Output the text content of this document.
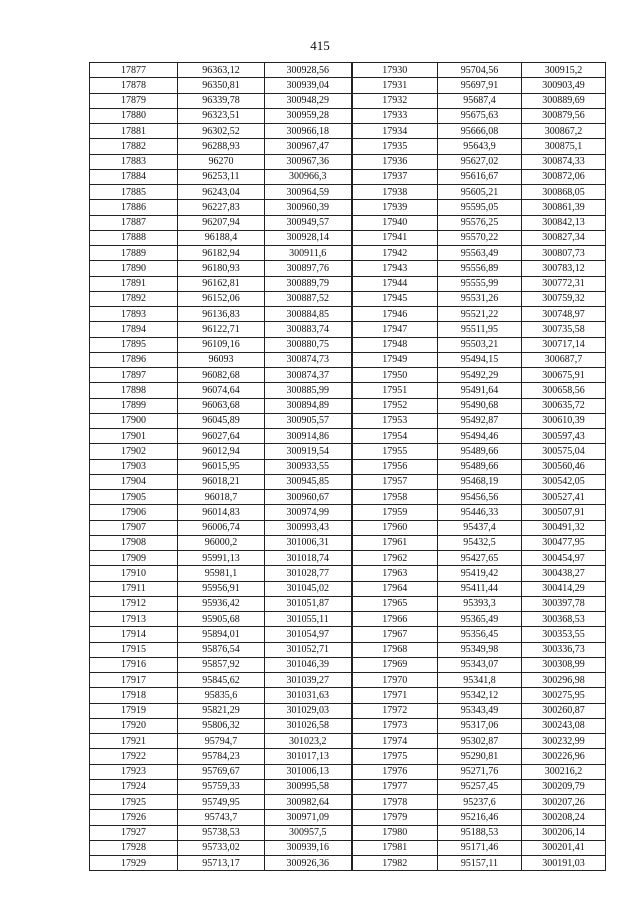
415
17877	96363,12	300928,56	17930	95704,56	300915,2
17878	96350,81	300939,04	17931	95697,91	300903,49
17879	96339,78	300948,29	17932	95687,4	300889,69
17880	96323,51	300959,28	17933	95675,63	300879,56
17881	96302,52	300966,18	17934	95666,08	300867,2
17882	96288,93	300967,47	17935	95643,9	300875,1
17883	96270	300967,36	17936	95627,02	300874,33
17884	96253,11	300966,3	17937	95616,67	300872,06
17885	96243,04	300964,59	17938	95605,21	300868,05
17886	96227,83	300960,39	17939	95595,05	300861,39
17887	96207,94	300949,57	17940	95576,25	300842,13
17888	96188,4	300928,14	17941	95570,22	300827,34
17889	96182,94	300911,6	17942	95563,49	300807,73
17890	96180,93	300897,76	17943	95556,89	300783,12
17891	96162,81	300889,79	17944	95555,99	300772,31
17892	96152,06	300887,52	17945	95531,26	300759,32
17893	96136,83	300884,85	17946	95521,22	300748,97
17894	96122,71	300883,74	17947	95511,95	300735,58
17895	96109,16	300880,75	17948	95503,21	300717,14
17896	96093	300874,73	17949	95494,15	300687,7
17897	96082,68	300874,37	17950	95492,29	300675,91
17898	96074,64	300885,99	17951	95491,64	300658,56
17899	96063,68	300894,89	17952	95490,68	300635,72
17900	96045,89	300905,57	17953	95492,87	300610,39
17901	96027,64	300914,86	17954	95494,46	300597,43
17902	96012,94	300919,54	17955	95489,66	300575,04
17903	96015,95	300933,55	17956	95489,66	300560,46
17904	96018,21	300945,85	17957	95468,19	300542,05
17905	96018,7	300960,67	17958	95456,56	300527,41
17906	96014,83	300974,99	17959	95446,33	300507,91
17907	96006,74	300993,43	17960	95437,4	300491,32
17908	96000,2	301006,31	17961	95432,5	300477,95
17909	95991,13	301018,74	17962	95427,65	300454,97
17910	95981,1	301028,77	17963	95419,42	300438,27
17911	95956,91	301045,02	17964	95411,44	300414,29
17912	95936,42	301051,87	17965	95393,3	300397,78
17913	95905,68	301055,11	17966	95365,49	300368,53
17914	95894,01	301054,97	17967	95356,45	300353,55
17915	95876,54	301052,71	17968	95349,98	300336,73
17916	95857,92	301046,39	17969	95343,07	300308,99
17917	95845,62	301039,27	17970	95341,8	300296,98
17918	95835,6	301031,63	17971	95342,12	300275,95
17919	95821,29	301029,03	17972	95343,49	300260,87
17920	95806,32	301026,58	17973	95317,06	300243,08
17921	95794,7	301023,2	17974	95302,87	300232,99
17922	95784,23	301017,13	17975	95290,81	300226,96
17923	95769,67	301006,13	17976	95271,76	300216,2
17924	95759,33	300995,58	17977	95257,45	300209,79
17925	95749,95	300982,64	17978	95237,6	300207,26
17926	95743,7	300971,09	17979	95216,46	300208,24
17927	95738,53	300957,5	17980	95188,53	300206,14
17928	95733,02	300939,16	17981	95171,46	300201,41
17929	95713,17	300926,36	17982	95157,11	300191,03
